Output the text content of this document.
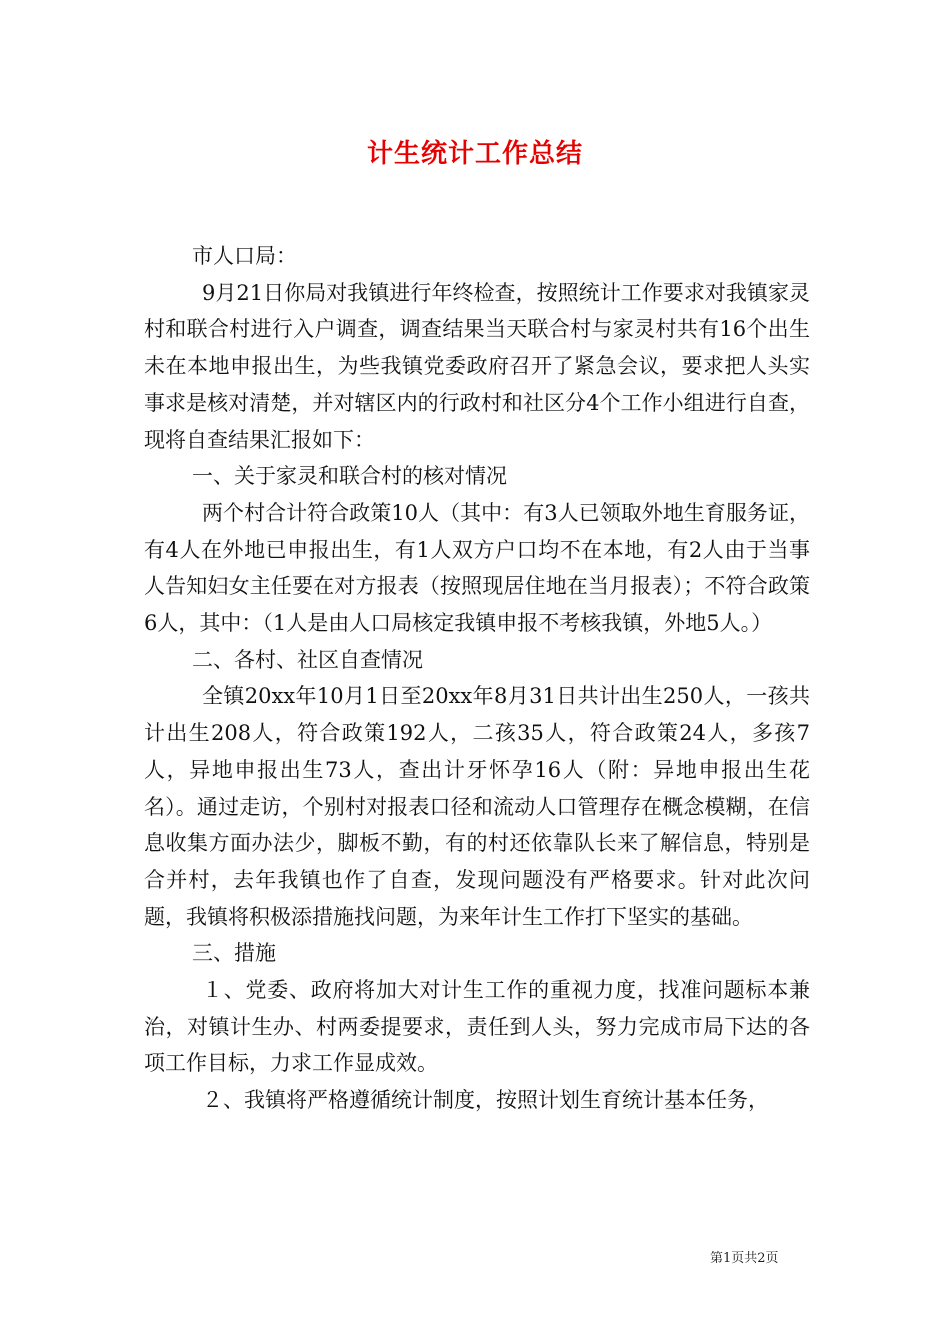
计生统计工作总结

市人口局：

9月21日你局对我镇进行年终检查，按照统计工作要求对我镇家灵村和联合村进行入户调查，调查结果当天联合村与家灵村共有16个出生未在本地申报出生，为些我镇党委政府召开了紧急会议，要求把人头实事求是核对清楚，并对辖区内的行政村和社区分4个工作小组进行自查，现将自查结果汇报如下：

一、关于家灵和联合村的核对情况

两个村合计符合政策10人（其中：有3人已领取外地生育服务证，有4人在外地已申报出生，有1人双方户口均不在本地，有2人由于当事人告知妇女主任要在对方报表（按照现居住地在当月报表）；不符合政策6人，其中：（1人是由人口局核定我镇申报不考核我镇，外地5人。）

二、各村、社区自查情况

全镇20xx年10月1日至20xx年8月31日共计出生250人，一孩共计出生208人，符合政策192人，二孩35人，符合政策24人，多孩7人，异地申报出生73人，查出计牙怀孕16人（附：异地申报出生花名）。通过走访，个别村对报表口径和流动人口管理存在概念模糊，在信息收集方面办法少，脚板不勤，有的村还依靠队长来了解信息，特别是合并村，去年我镇也作了自查，发现问题没有严格要求。针对此次问题，我镇将积极添措施找问题，为来年计生工作打下坚实的基础。

三、措施

１、党委、政府将加大对计生工作的重视力度，找准问题标本兼治，对镇计生办、村两委提要求，责任到人头，努力完成市局下达的各项工作目标，力求工作显成效。

２、我镇将严格遵循统计制度，按照计划生育统计基本任务，

第1页共2页
